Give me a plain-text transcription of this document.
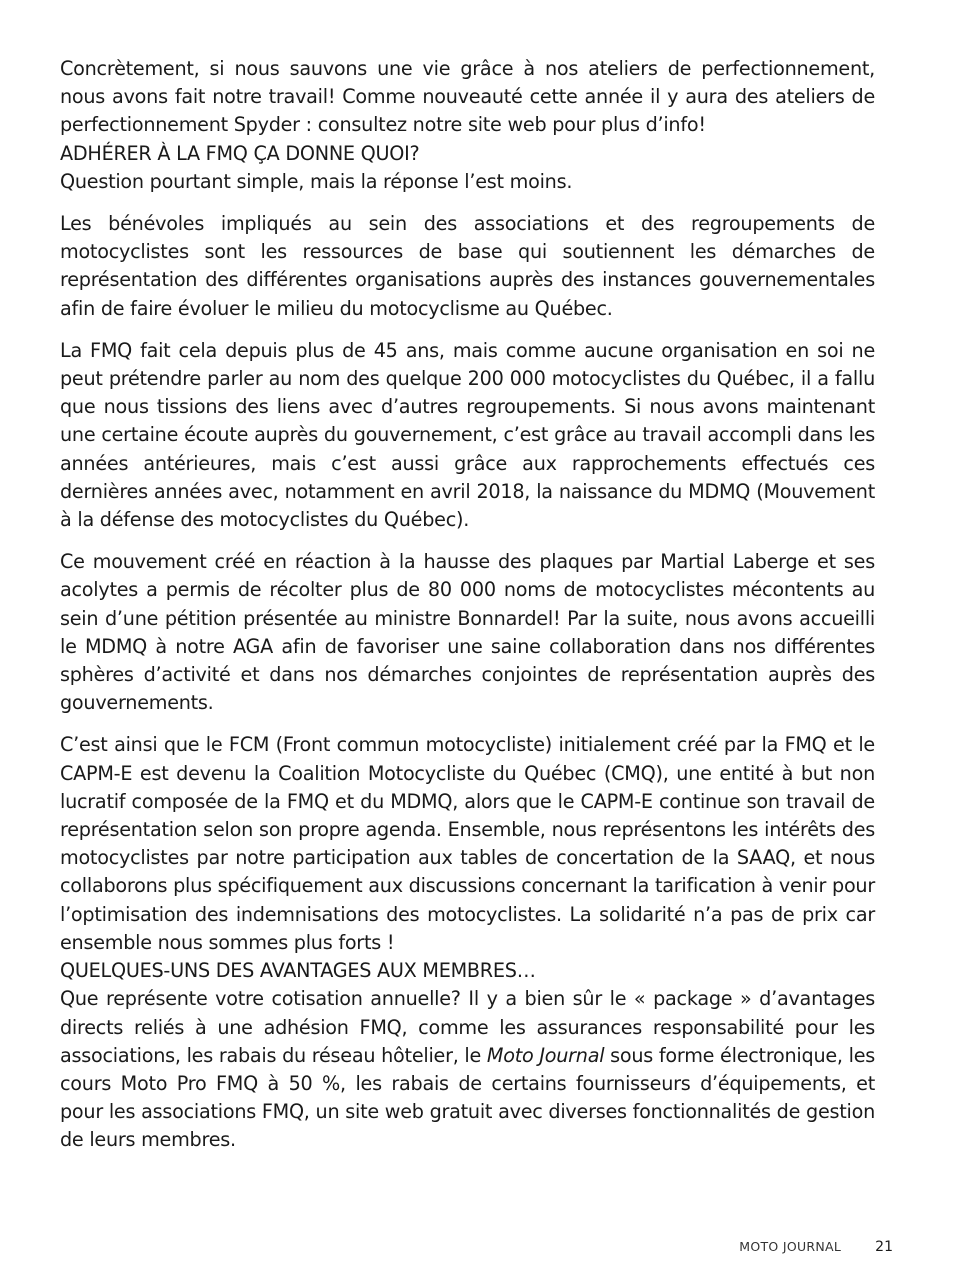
Concrètement, si nous sauvons une vie grâce à nos ateliers de perfectionnement, nous avons fait notre travail! Comme nouveauté cette année il y aura des ateliers de perfectionnement Spyder : consultez notre site web pour plus d’info!

ADHÉRER À LA FMQ ÇA DONNE QUOI?

Question pourtant simple, mais la réponse l’est moins.

Les bénévoles impliqués au sein des associations et des regroupements de motocyclistes sont les ressources de base qui soutiennent les démarches de représentation des différentes organisations auprès des instances gouvernementales afin de faire évoluer le milieu du motocyclisme au Québec.

La FMQ fait cela depuis plus de 45 ans, mais comme aucune organisation en soi ne peut prétendre parler au nom des quelque 200 000 motocyclistes du Québec, il a fallu que nous tissions des liens avec d’autres regroupements. Si nous avons maintenant une certaine écoute auprès du gouvernement, c’est grâce au travail accompli dans les années antérieures, mais c’est aussi grâce aux rapprochements effectués ces dernières années avec, notamment en avril 2018, la naissance du MDMQ (Mouvement à la défense des motocyclistes du Québec).

Ce mouvement créé en réaction à la hausse des plaques par Martial Laberge et ses acolytes a permis de récolter plus de 80 000 noms de motocyclistes mécontents au sein d’une pétition présentée au ministre Bonnardel! Par la suite, nous avons accueilli le MDMQ à notre AGA afin de favoriser une saine collaboration dans nos différentes sphères d’activité et dans nos démarches conjointes de représentation auprès des gouvernements.

C’est ainsi que le FCM (Front commun motocycliste) initialement créé par la FMQ et le CAPM-E est devenu la Coalition Motocycliste du Québec (CMQ), une entité à but non lucratif composée de la FMQ et du MDMQ, alors que le CAPM-E continue son travail de représentation selon son propre agenda. Ensemble, nous représentons les intérêts des motocyclistes par notre participation aux tables de concertation de la SAAQ, et nous collaborons plus spécifiquement aux discussions concernant la tarification à venir pour l’optimisation des indemnisations des motocyclistes. La solidarité n’a pas de prix car ensemble nous sommes plus forts !

QUELQUES-UNS DES AVANTAGES AUX MEMBRES…

Que représente votre cotisation annuelle? Il y a bien sûr le « package » d’avantages directs reliés à une adhésion FMQ, comme les assurances responsabilité pour les associations, les rabais du réseau hôtelier, le Moto Journal sous forme électronique, les cours Moto Pro FMQ à 50 %, les rabais de certains fournisseurs d’équipements, et pour les associations FMQ, un site web gratuit avec diverses fonctionnalités de gestion de leurs membres.

MOTO JOURNAL 21
